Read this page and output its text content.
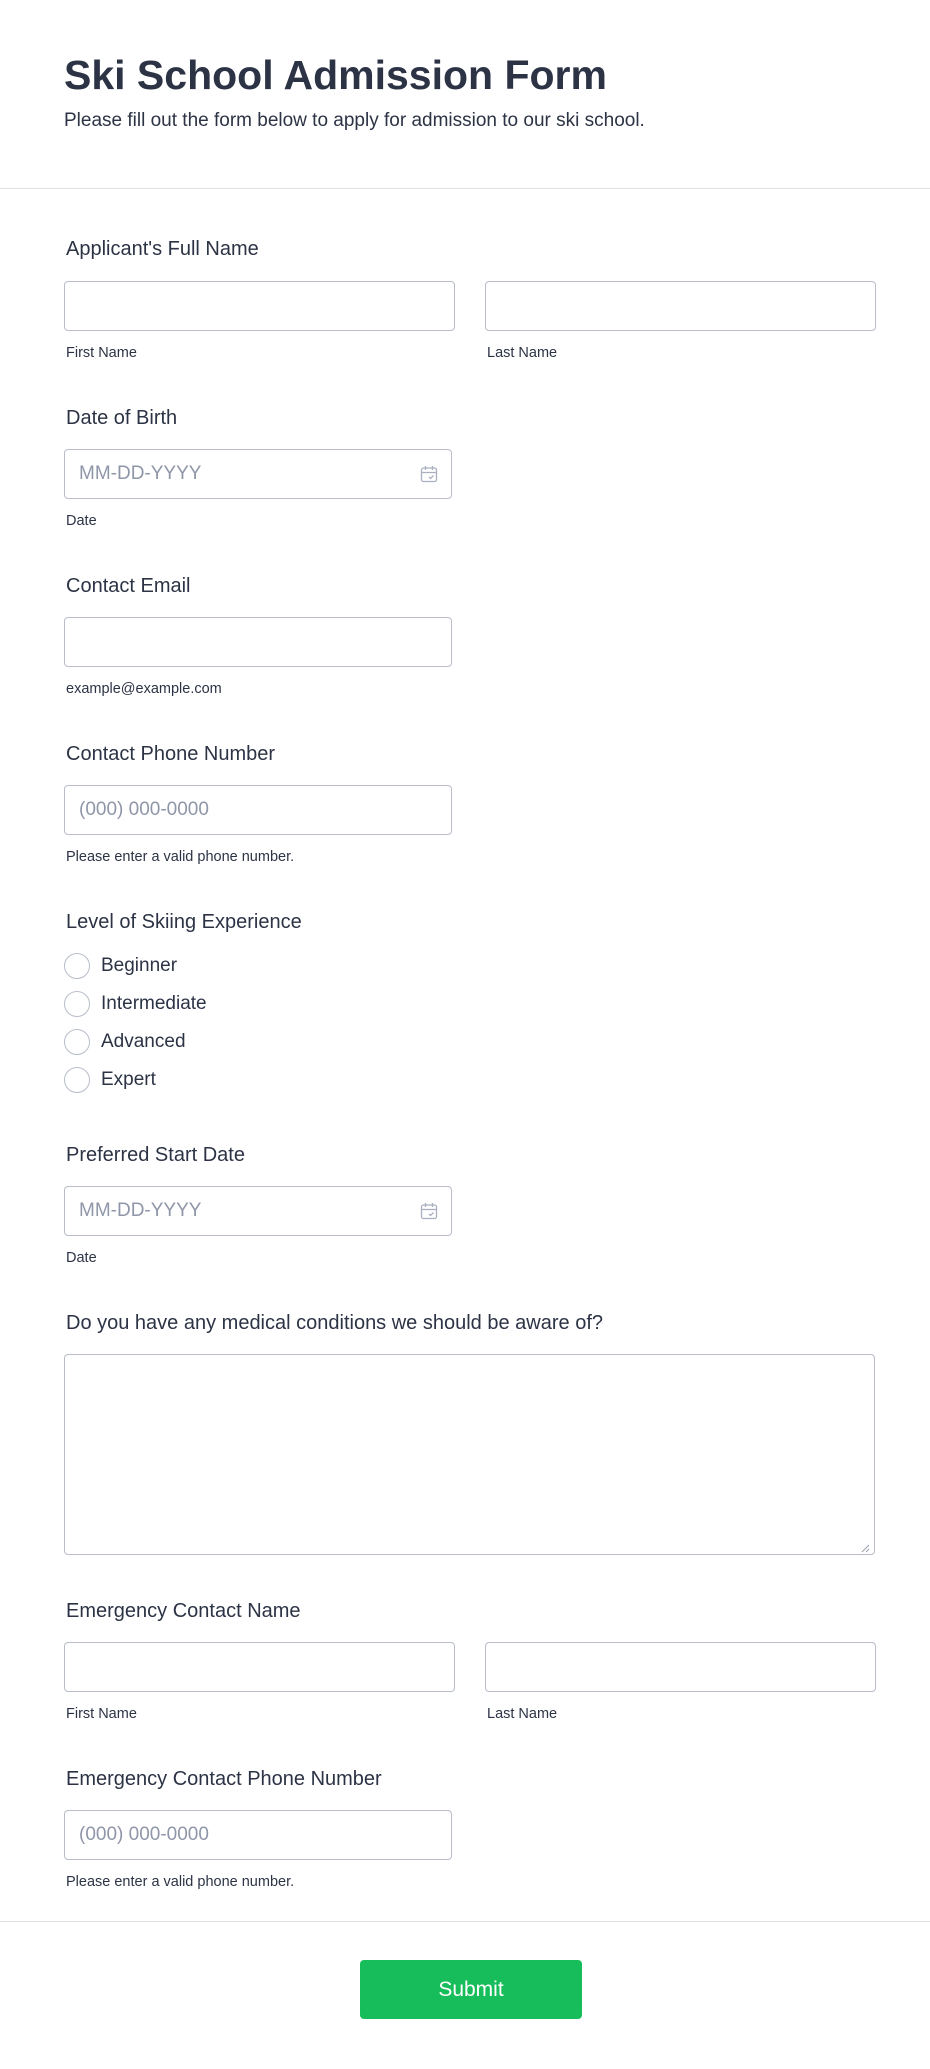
Ski School Admission Form

Please fill out the form below to apply for admission to our ski school.

Applicant's Full Name
First Name	Last Name
Date of Birth
MM-DD-YYYY
Date
Contact Email
example@example.com
Contact Phone Number
(000) 000-0000
Please enter a valid phone number.
Level of Skiing Experience
Beginner
Intermediate
Advanced
Expert
Preferred Start Date
MM-DD-YYYY
Date
Do you have any medical conditions we should be aware of?
Emergency Contact Name
First Name	Last Name
Emergency Contact Phone Number
(000) 000-0000
Please enter a valid phone number.
Submit
